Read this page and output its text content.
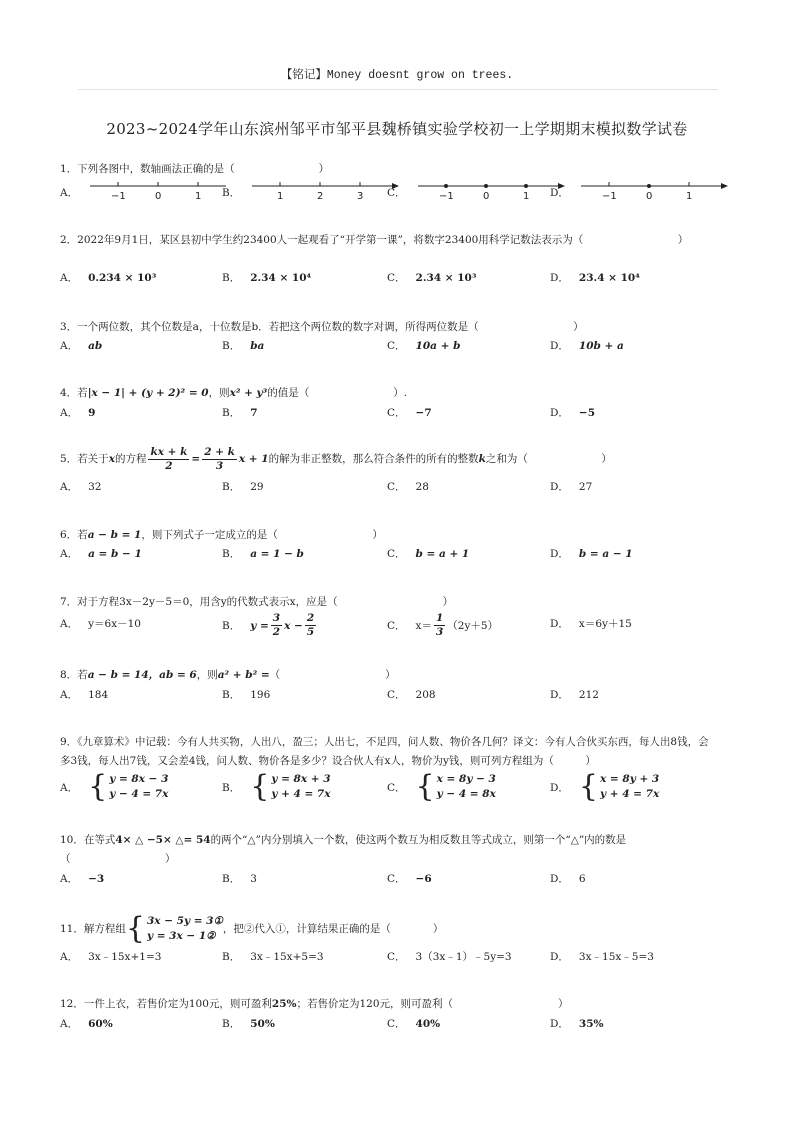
【铭记】Money doesnt grow on trees.
2023~2024学年山东滨州邹平市邹平县魏桥镇实验学校初一上学期期末模拟数学试卷
1．下列各图中，数轴画法正确的是（　　　　　　　　）
A．	−1	0	1 B．	1	2	3 C．	−1	0	1 D．	−1	0	1
2．2022年9月1日，某区县初中学生约23400人一起观看了“开学第一课”，将数字23400用科学记数法表示为（　　　　　　　　　）
A． 0.234 × 10³	B． 2.34 × 10⁴	C． 2.34 × 10³	D． 23.4 × 10⁴
3．一个两位数，其个位数是a，十位数是b．若把这个两位数的数字对调，所得两位数是（　　　　　　　　　）
A． ab	B． ba	C． 10a + b	D． 10b + a
4．若|x − 1| + (y + 2)² = 0，则x² + y³的值是（　　　　　　　　）.
A． 9	B． 7	C． −7	D． −5
5．若关于 x 的方程 $\frac{kx + k}{2} = \frac{2 + k}{3}$ x + 1 的解为非正整数，那么符合条件的所有的整数 k 之和为（　　　　　　　）
A． 32	B． 29	C． 28	D． 27
6．若a − b = 1，则下列式子一定成立的是（　　　　　　　　　）
A． a = b − 1	B． a = 1 − b	C． b = a + 1	D． b = a − 1
7．对于方程3x－2y－5＝0，用含y的代数式表示x，应是（　　　　　　　　　　）
A． y＝6x－10	B． $y = \frac{3}{2}$ $x - \frac{2}{5}$	C． $x= \frac{1}{3} (2y+5)$	D． x＝6y＋15
8．若a − b = 14，ab = 6，则a² + b² =（　　　　　　　　　　）
A． 184	B． 196	C． 208	D． 212
9．《九章算术》中记载：今有人共买物，人出八，盈三；人出七，不足四，问人数、物价各几何？译文：今有人合伙买东西，每人出8钱，会多3钱，每人出7钱，又会差4钱，问人数、物价各是多少？设合伙人有x人，物价为y钱，则可列方程组为（　　　）
A． { y = 8x − 3
y − 4 = 7x
B． { y = 8x + 3
y + 4 = 7x
C． { x = 8y − 3
y − 4 = 8x
D． { x = 8y + 3
y + 4 = 7x
10．在等式4× △ −5× △= 54的两个“△”内分别填入一个数，使这两个数互为相反数且等式成立，则第一个“△”内的数是（　　　　　　　　　）
A． −3	B． 3	C． −6	D． 6
11．解方程组 { 3x − 5y = 3①
y = 3x − 1②
，把②代入①，计算结果正确的是（　　　　）
A． 3x﹣15x+1=3	B． 3x﹣15x+5=3	C． 3（3x﹣1）﹣5y=3	D． 3x﹣15x﹣5=3
12．一件上衣，若售价定为100元，则可盈利25%；若售价定为120元，则可盈利（　　　　　　　　　　）
A． 60%	B． 50%	C． 40%	D． 35%
